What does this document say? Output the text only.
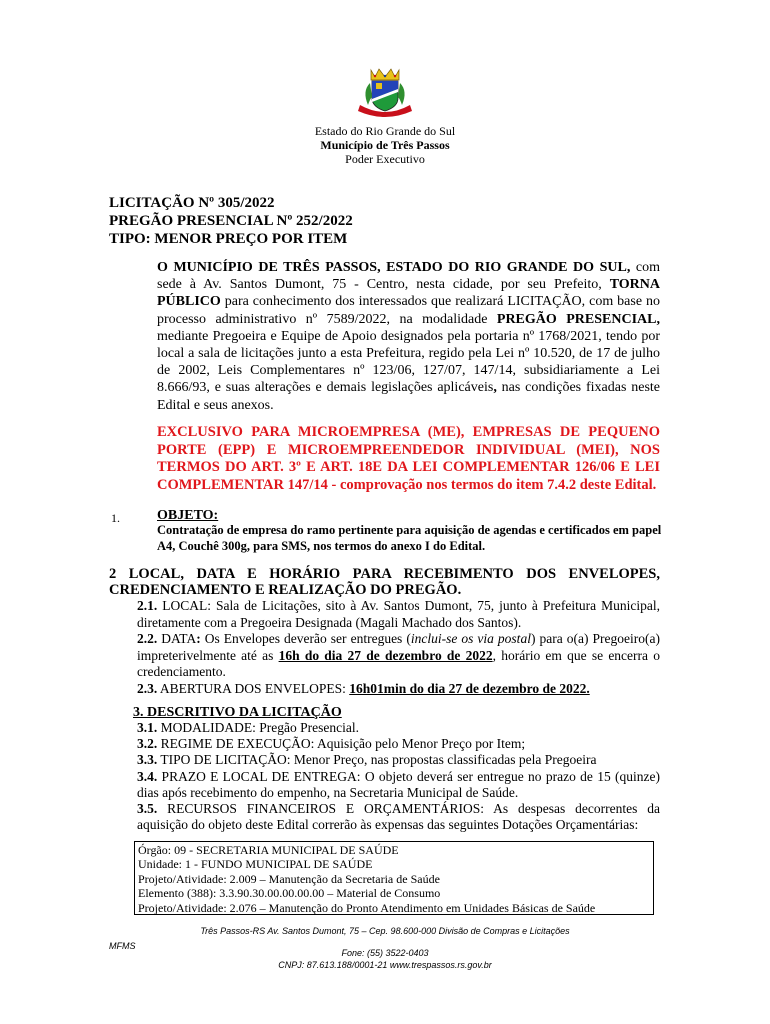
Estado do Rio Grande do Sul
Município de Três Passos
Poder Executivo
LICITAÇÃO Nº 305/2022
PREGÃO PRESENCIAL Nº 252/2022
TIPO: MENOR PREÇO POR ITEM

O MUNICÍPIO DE TRÊS PASSOS, ESTADO DO RIO GRANDE DO SUL, com sede à Av. Santos Dumont, 75 - Centro, nesta cidade, por seu Prefeito, TORNA PÚBLICO para conhecimento dos interessados que realizará LICITAÇÃO, com base no processo administrativo nº 7589/2022, na modalidade PREGÃO PRESENCIAL, mediante Pregoeira e Equipe de Apoio designados pela portaria nº 1768/2021, tendo por local a sala de licitações junto a esta Prefeitura, regido pela Lei nº 10.520, de 17 de julho de 2002, Leis Complementares nº 123/06, 127/07, 147/14, subsidiariamente a Lei 8.666/93, e suas alterações e demais legislações aplicáveis, nas condições fixadas neste Edital e seus anexos.

EXCLUSIVO PARA MICROEMPRESA (ME), EMPRESAS DE PEQUENO PORTE (EPP) E MICROEMPREENDEDOR INDIVIDUAL (MEI), NOS TERMOS DO ART. 3º E ART. 18E DA LEI COMPLEMENTAR 126/06 E LEI COMPLEMENTAR 147/14 - comprovação nos termos do item 7.4.2 deste Edital.

1.	OBJETO:
Contratação de empresa do ramo pertinente para aquisição de agendas e certificados em papel A4, Couchê 300g, para SMS, nos termos do anexo I do Edital.
2 LOCAL, DATA E HORÁRIO PARA RECEBIMENTO DOS ENVELOPES, CREDENCIAMENTO E REALIZAÇÃO DO PREGÃO.

2.1. LOCAL: Sala de Licitações, sito à Av. Santos Dumont, 75, junto à Prefeitura Municipal, diretamente com a Pregoeira Designada (Magali Machado dos Santos).

2.2. DATA: Os Envelopes deverão ser entregues (inclui-se os via postal) para o(a) Pregoeiro(a) impreterivelmente até as 16h do dia 27 de dezembro de 2022, horário em que se encerra o credenciamento.

2.3. ABERTURA DOS ENVELOPES: 16h01min do dia 27 de dezembro de 2022.

3. DESCRITIVO DA LICITAÇÃO

3.1. MODALIDADE: Pregão Presencial.

3.2. REGIME DE EXECUÇÃO: Aquisição pelo Menor Preço por Item;

3.3. TIPO DE LICITAÇÃO: Menor Preço, nas propostas classificadas pela Pregoeira

3.4. PRAZO E LOCAL DE ENTREGA: O objeto deverá ser entregue no prazo de 15 (quinze) dias após recebimento do empenho, na Secretaria Municipal de Saúde.

3.5. RECURSOS FINANCEIROS E ORÇAMENTÁRIOS: As despesas decorrentes da aquisição do objeto deste Edital correrão às expensas das seguintes Dotações Orçamentárias:

Órgão: 09 - SECRETARIA MUNICIPAL DE SAÚDE
Unidade: 1 - FUNDO MUNICIPAL DE SAÚDE
Projeto/Atividade: 2.009 – Manutenção da Secretaria de Saúde
Elemento (388): 3.3.90.30.00.00.00.00 – Material de Consumo
Projeto/Atividade: 2.076 – Manutenção do Pronto Atendimento em Unidades Básicas de Saúde
MFMS
Três Passos-RS Av. Santos Dumont, 75 – Cep. 98.600-000 Divisão de Compras e Licitações
Fone: (55) 3522-0403
CNPJ: 87.613.188/0001-21 www.trespassos.rs.gov.br
